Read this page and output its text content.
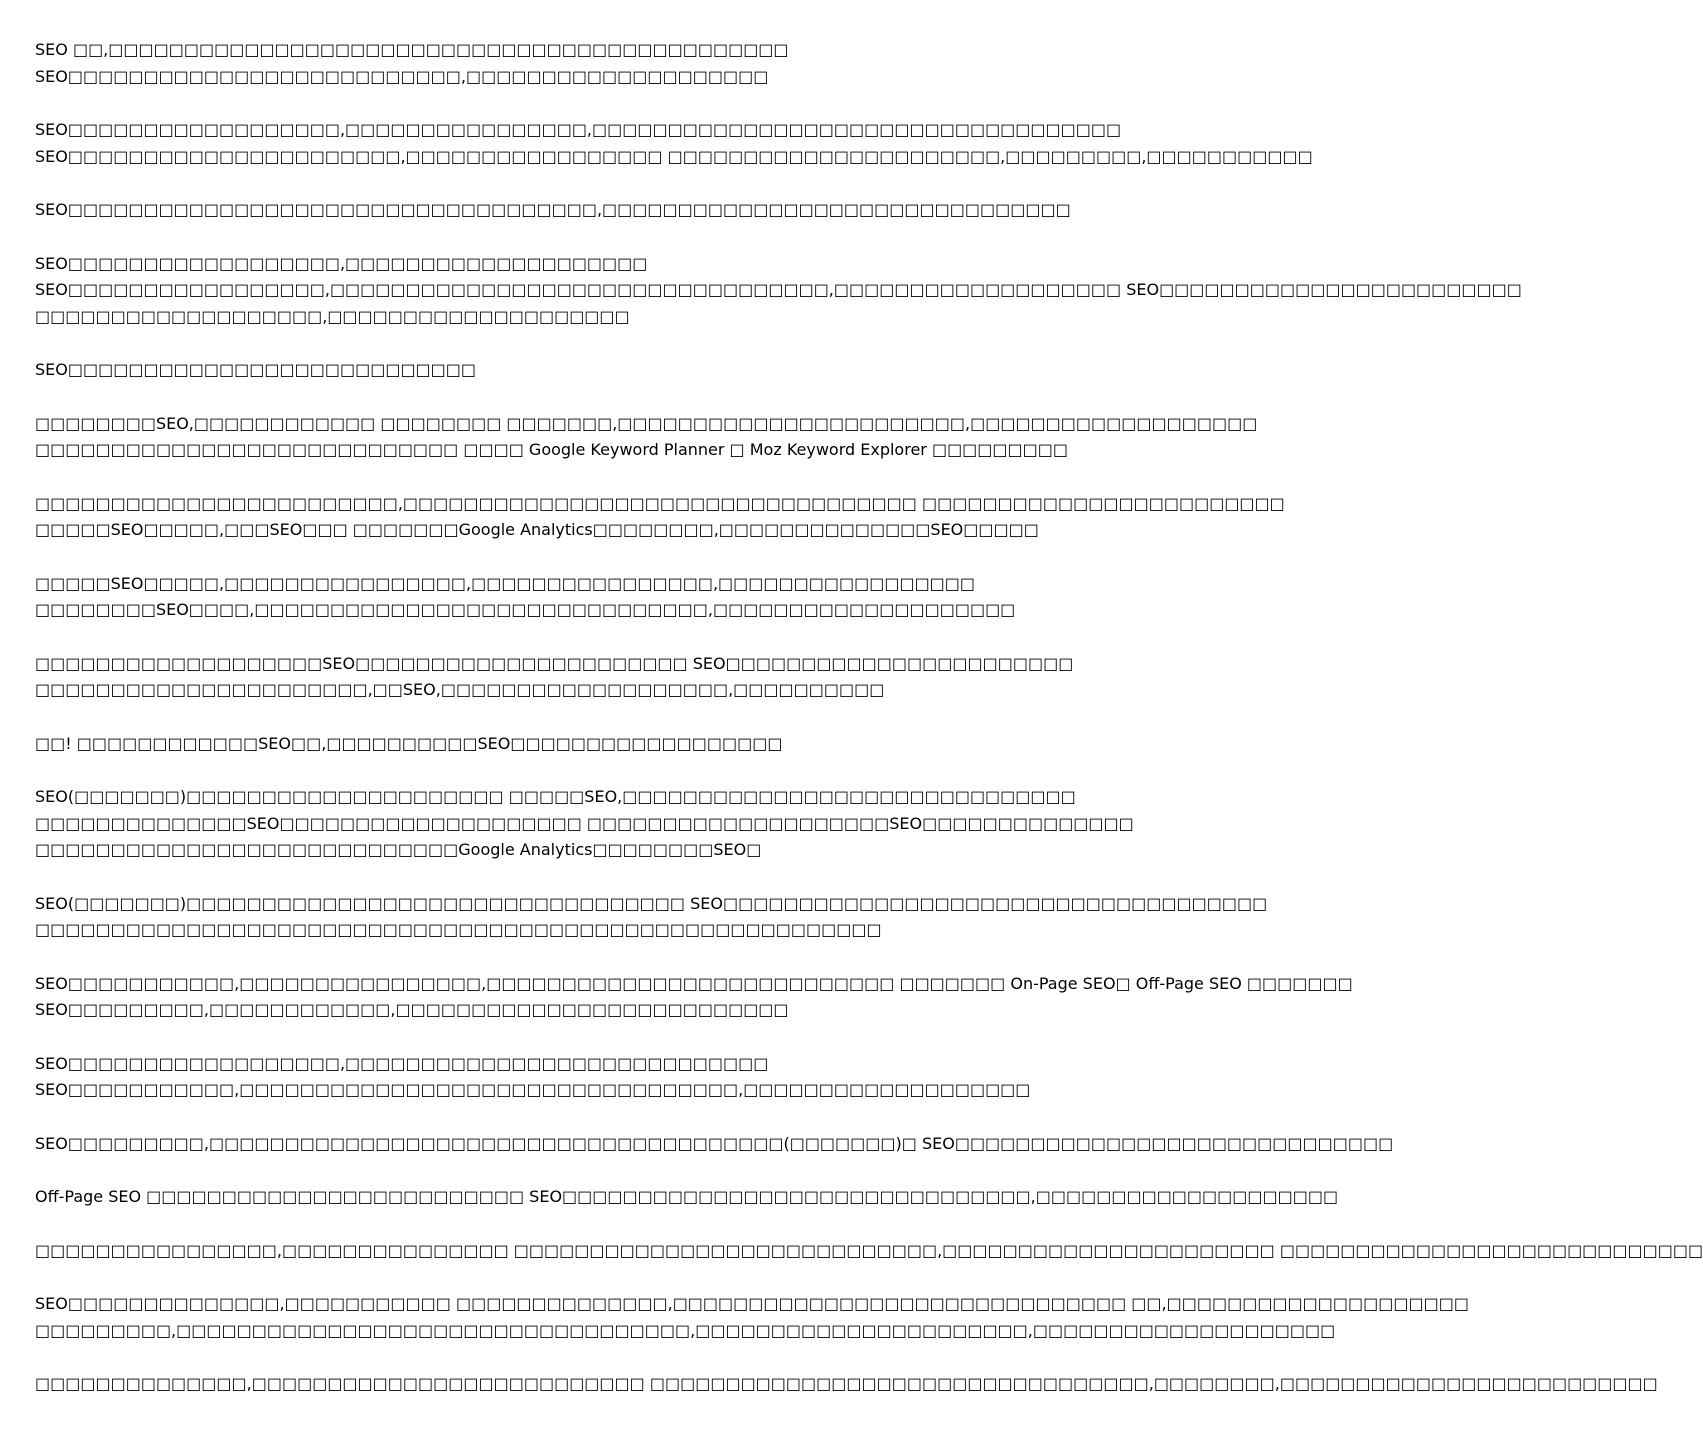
SEO □□,□□□□□□□□□□□□□□□□□□□□□□□□□□□□□□□□□□□□□□□□□□□□□
SEO□□□□□□□□□□□□□□□□□□□□□□□□□□,□□□□□□□□□□□□□□□□□□□□
SEO□□□□□□□□□□□□□□□□□□,□□□□□□□□□□□□□□□□,□□□□□□□□□□□□□□□□□□□□□□□□□□□□□□□□□□□
SEO□□□□□□□□□□□□□□□□□□□□□□,□□□□□□□□□□□□□□□□□ □□□□□□□□□□□□□□□□□□□□□□,□□□□□□□□□,□□□□□□□□□□□
SEO□□□□□□□□□□□□□□□□□□□□□□□□□□□□□□□□□□□,□□□□□□□□□□□□□□□□□□□□□□□□□□□□□□□
SEO□□□□□□□□□□□□□□□□□□,□□□□□□□□□□□□□□□□□□□□
SEO□□□□□□□□□□□□□□□□□,□□□□□□□□□□□□□□□□□□□□□□□□□□□□□□□□□,□□□□□□□□□□□□□□□□□□□ SEO□□□□□□□□□□□□□□□□□□□□□□□□
□□□□□□□□□□□□□□□□□□□,□□□□□□□□□□□□□□□□□□□□
SEO□□□□□□□□□□□□□□□□□□□□□□□□□□□
□□□□□□□□SEO,□□□□□□□□□□□□ □□□□□□□□ □□□□□□□,□□□□□□□□□□□□□□□□□□□□□□□,□□□□□□□□□□□□□□□□□□□
□□□□□□□□□□□□□□□□□□□□□□□□□□□□ □□□□ Google Keyword Planner □ Moz Keyword Explorer □□□□□□□□□
□□□□□□□□□□□□□□□□□□□□□□□□,□□□□□□□□□□□□□□□□□□□□□□□□□□□□□□□□□□ □□□□□□□□□□□□□□□□□□□□□□□□
□□□□□SEO□□□□□,□□□SEO□□□ □□□□□□□Google Analytics□□□□□□□□,□□□□□□□□□□□□□□SEO□□□□□
□□□□□SEO□□□□□,□□□□□□□□□□□□□□□□,□□□□□□□□□□□□□□□□,□□□□□□□□□□□□□□□□□
□□□□□□□□SEO□□□□,□□□□□□□□□□□□□□□□□□□□□□□□□□□□□□,□□□□□□□□□□□□□□□□□□□□
□□□□□□□□□□□□□□□□□□□SEO□□□□□□□□□□□□□□□□□□□□□□ SEO□□□□□□□□□□□□□□□□□□□□□□□
□□□□□□□□□□□□□□□□□□□□□□,□□SEO,□□□□□□□□□□□□□□□□□□□,□□□□□□□□□□
□□! □□□□□□□□□□□□SEO□□,□□□□□□□□□□SEO□□□□□□□□□□□□□□□□□□
SEO(□□□□□□□)□□□□□□□□□□□□□□□□□□□□□ □□□□□SEO,□□□□□□□□□□□□□□□□□□□□□□□□□□□□□□
□□□□□□□□□□□□□□SEO□□□□□□□□□□□□□□□□□□□□ □□□□□□□□□□□□□□□□□□□□SEO□□□□□□□□□□□□□□
□□□□□□□□□□□□□□□□□□□□□□□□□□□□Google Analytics□□□□□□□□SEO□
SEO(□□□□□□□)□□□□□□□□□□□□□□□□□□□□□□□□□□□□□□□□□ SEO□□□□□□□□□□□□□□□□□□□□□□□□□□□□□□□□□□□□
□□□□□□□□□□□□□□□□□□□□□□□□□□□□□□□□□□□□□□□□□□□□□□□□□□□□□□□□
SEO□□□□□□□□□□□,□□□□□□□□□□□□□□□□,□□□□□□□□□□□□□□□□□□□□□□□□□□□ □□□□□□□ On-Page SEO□ Off-Page SEO □□□□□□□
SEO□□□□□□□□□,□□□□□□□□□□□□,□□□□□□□□□□□□□□□□□□□□□□□□□□
SEO□□□□□□□□□□□□□□□□□□,□□□□□□□□□□□□□□□□□□□□□□□□□□□□
SEO□□□□□□□□□□□,□□□□□□□□□□□□□□□□□□□□□□□□□□□□□□□□□,□□□□□□□□□□□□□□□□□□□
SEO□□□□□□□□□,□□□□□□□□□□□□□□□□□□□□□□□□□□□□□□□□□□□□□□(□□□□□□□)□ SEO□□□□□□□□□□□□□□□□□□□□□□□□□□□□□
Off-Page SEO □□□□□□□□□□□□□□□□□□□□□□□□□ SEO□□□□□□□□□□□□□□□□□□□□□□□□□□□□□□□,□□□□□□□□□□□□□□□□□□□□
□□□□□□□□□□□□□□□□,□□□□□□□□□□□□□□□ □□□□□□□□□□□□□□□□□□□□□□□□□□□□,□□□□□□□□□□□□□□□□□□□□□□ □□□□□□□□□□□□□□□□□□□□□□□□□□□□
SEO□□□□□□□□□□□□□□,□□□□□□□□□□□ □□□□□□□□□□□□□□,□□□□□□□□□□□□□□□□□□□□□□□□□□□□□□ □□,□□□□□□□□□□□□□□□□□□□□
□□□□□□□□□,□□□□□□□□□□□□□□□□□□□□□□□□□□□□□□□□□□,□□□□□□□□□□□□□□□□□□□□□□,□□□□□□□□□□□□□□□□□□□□
□□□□□□□□□□□□□□,□□□□□□□□□□□□□□□□□□□□□□□□□□ □□□□□□□□□□□□□□□□□□□□□□□□□□□□□□□□□,□□□□□□□□,□□□□□□□□□□□□□□□□□□□□□□□□□
